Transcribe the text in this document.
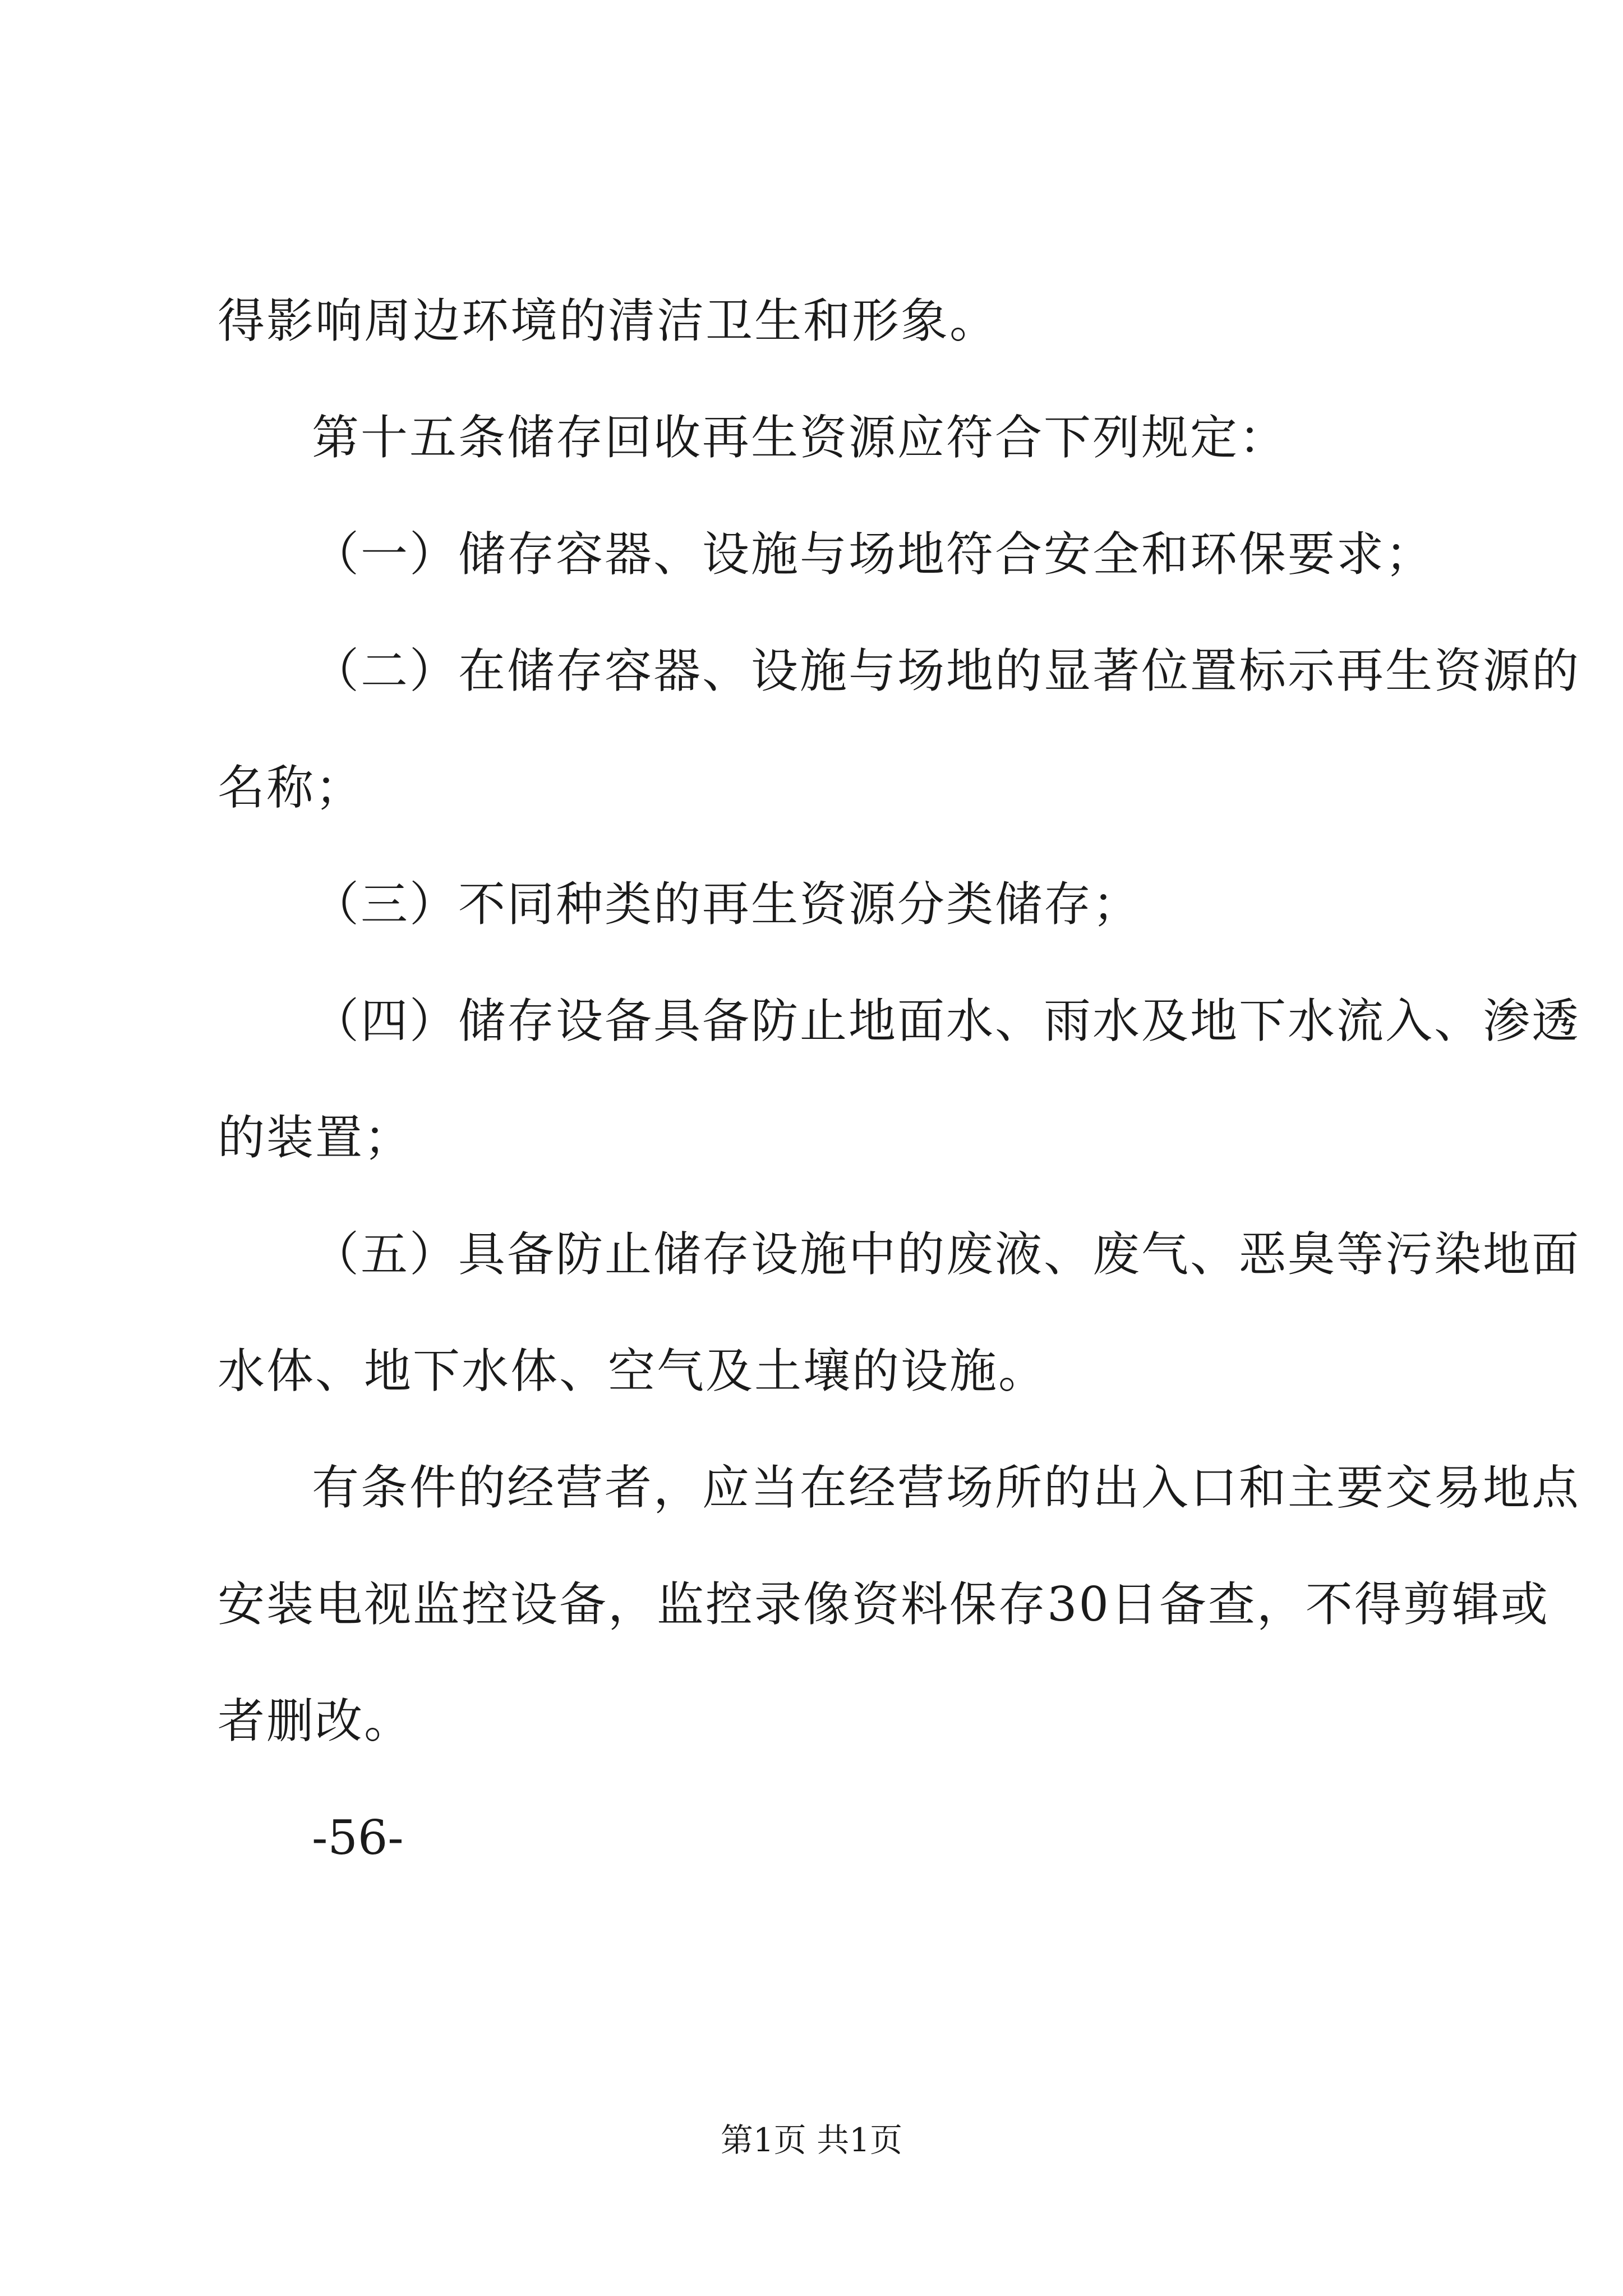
得影响周边环境的清洁卫生和形象。

第十五条储存回收再生资源应符合下列规定：

（一）储存容器、设施与场地符合安全和环保要求；

（二）在储存容器、设施与场地的显著位置标示再生资源的

名称；

（三）不同种类的再生资源分类储存；

（四）储存设备具备防止地面水、雨水及地下水流入、渗透

的装置；

（五）具备防止储存设施中的废液、废气、恶臭等污染地面

水体、地下水体、空气及土壤的设施。

有条件的经营者，应当在经营场所的出入口和主要交易地点

安装电视监控设备，监控录像资料保存30日备查，不得剪辑或

者删改。

-56-

第1页 共1页
